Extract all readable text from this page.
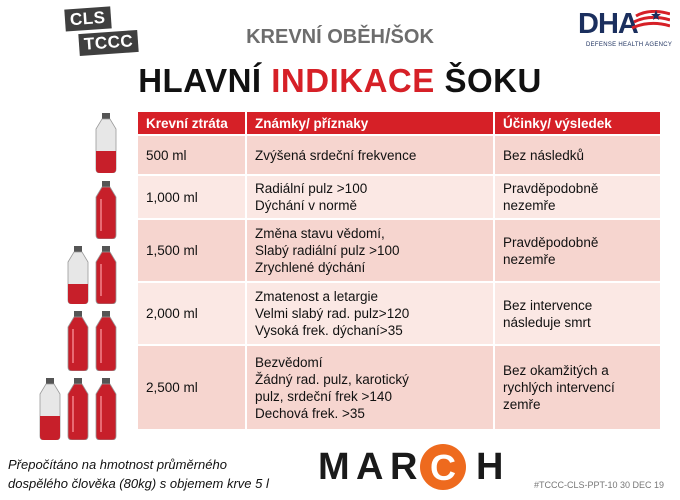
CLS
TCCC	KREVNÍ OBĚH/ŠOK	DHA
DEFENSE HEALTH AGENCY
HLAVNÍ INDIKACE ŠOKU
Krevní ztráta	Známky/ příznaky	Účinky/ výsledek
500 ml	Zvýšená srdeční frekvence	Bez následků

1,000 ml	Radiální pulz >100
Dýchání v normě	Pravděpodobně
nezemře

1,500 ml	Změna stavu vědomí,
Slabý radiální pulz >100
Zrychlené dýchání	Pravděpodobně
nezemře

2,000 ml	Zmatenost a letargie
Velmi slabý rad. pulz>120
Vysoká frek. dýchaní>35	Bez intervence
následuje smrt

2,500 ml	Bezvědomí
Žádný rad. pulz, karotický
pulz, srdeční frek >140
Dechová frek. >35	Bez okamžitých a
rychlých intervencí
zemře
Přepočítáno na hmotnost průměrného
dospělého člověka (80kg) s objemem krve 5 l M A R C H	#TCCC-CLS-PPT-10 30 DEC 19
